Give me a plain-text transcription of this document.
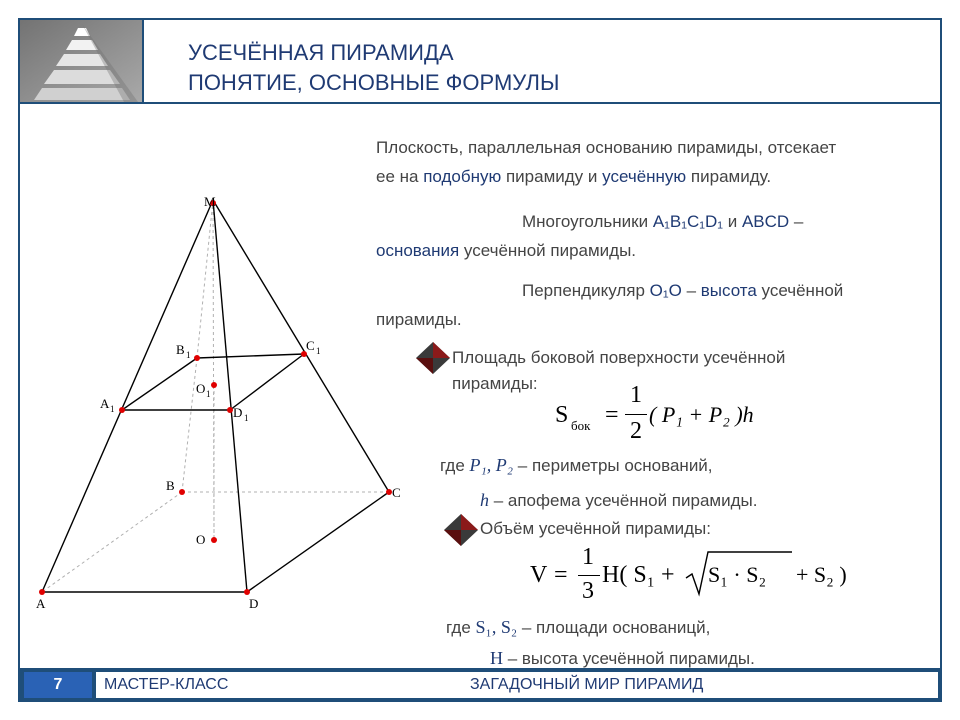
УСЕЧЁННАЯ ПИРАМИДА
ПОНЯТИЕ, ОСНОВНЫЕ ФОРМУЛЫ
Плоскость, параллельная основанию пирамиды, отсекает
ее на подобную пирамиду и усечённую пирамиду.
Многоугольники A₁B₁C₁D₁ и ABCD –
основания усечённой пирамиды.
Перпендикуляр O₁O – высота усечённой
пирамиды.
Площадь боковой поверхности усечённой
пирамиды:
S бок =
1
2
( P₁ + P₂ )h
где P₁, P₂ – периметры оснований,
h – апофема усечённой пирамиды.
Объём усечённой пирамиды:
V =
1
3
H( S₁ + S₁ · S₂ + S₂ )
где S₁, S₂ – площади основаницй,
H – высота усечённой пирамиды.
M
B 1
C 1
A 1	D 1
O 1
B	C
O
A	D
7	МАСТЕР-КЛАСС	ЗАГАДОЧНЫЙ МИР ПИРАМИД
